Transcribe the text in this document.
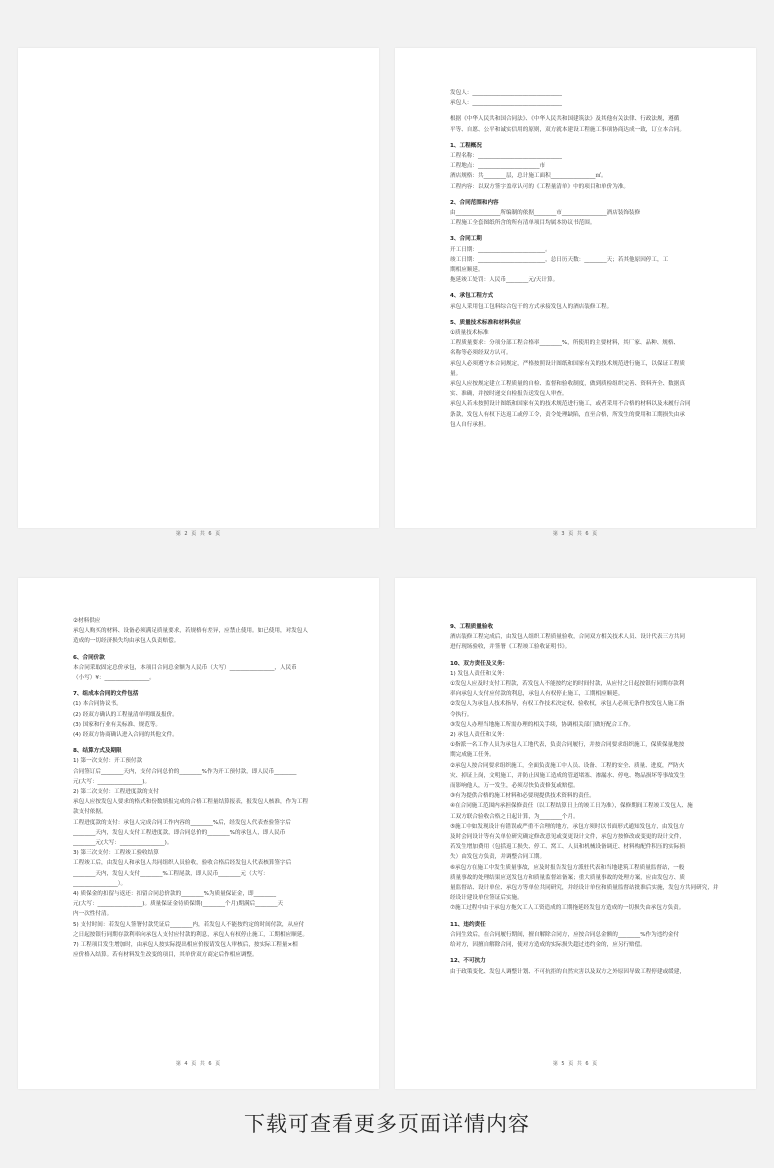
第 2 页 共 6 页

发包人：________________________________

承包人：________________________________

根据《中华人民共和国合同法》、《中华人民共和国建筑法》及其他有关法律、行政法规，遵循

平等、自愿、公平和诚实信用的原则，双方就本建设工程施工事项协商达成一致，订立本合同。

1、工程概况

工程名称：______________________________

工程地点：______________________市

酒店规格：共________层，总计施工面积________________㎡。

工程内容：以双方签字盖章认可的《工程量清单》中的项目和单价为准。

2、合同范围和内容

由________________所编制的依据________市________________酒店装饰装修

工程施工全套图纸所含的所有清单项目均属本协议书范围。

3、合同工期

开工日期：________________________。

竣工日期：________________________，总日历天数：________天；若其他原因停工，工

期相应顺延。

拖延竣工处罚：人民币________元/天计算。

4、承包工程方式

承包人采用包工包料综合包干的方式承接发包人的酒店装修工程。

5、质量技术标准和材料供应

①质量技术标准

工程质量要求：分项分部工程合格率________%，所使用的主要材料，其厂家、品种、规格、

名称等必须经双方认可。

承包人必须遵守本合同规定，严格按照设计图纸和国家有关的技术规范进行施工，以保证工程质

量。

承包人应按规定建立工程质量的自检、监督和验收制度，做到质检组织完善、资料齐全、数据真

实、准确，并按时递交自检报告送发包人审查。

承包人若未按照设计图纸和国家有关的技术规范进行施工，或者采用不合格的材料以及未履行合同

条款，发包人有权下达返工或停工令，责令处理缺陷，直至合格，所发生的费用和工期损失由承

包人自行承担。

第 3 页 共 6 页

②材料供应

承包人购买的材料、设备必须满足质量要求，若规格有差异，应禁止使用。如已使用，对发包人

造成的一切经济损失均由承包人负责赔偿。

6、合同价款

本合同采取固定总价承包，本项目合同总金额为人民币（大写）________________，人民币

（小写）¥：________________。

7、组成本合同的文件包括

(1) 本合同协议书。

(2) 经双方确认的工程量清单明细及报价。

(3) 国家和行业有关标准、规范等。

(4) 经双方协商确认进入合同的其他文件。

8、结算方式及期限

1) 第一次支付：开工预付款

合同签订后________天内，支付合同总价的________%作为开工预付款，即人民币________

元(大写：________________)。

2) 第二次支付：工程进度款的支付

承包人应按发包人要求的格式和份数填报完成的合格工程量结算报表，报发包人核准，作为工程

款支付依据。

工程进度款的支付：承包人完成合同工作内容的________%后，经发包人代表查验签字后

________天内，发包人支付工程进度款，即合同总价的________%的承包人，即人民币

________元(大写：________________)。

3) 第三次支付：工程竣工验收结算

工程竣工后，由发包人和承包人共同组织人员验收，验收合格后经发包人代表核算签字后

________天内，发包人支付________%工程尾款，即人民币________元（大写：

________________）。

4) 质保金的扣留与返还：扣留合同总价款的________%为质量保证金，即________

元(大写：________________)。质量保证金待质保期(________个月)期满后________天

内一次性付清。

5) 支付时间：若发包人签署付款凭证后________内，若发包人不能按约定的时间付款，从应付

之日起按银行同期存款利率向承包人支付应付款的利息，承包人有权停止施工，工期相应顺延。

7) 工程项目发生增加时，由承包人按实际提出相应价报请发包人审核后，按实际工程量×相

应价格入结算。若有材料发生改变的项目，其单价双方商定后作相应调整。

第 4 页 共 6 页

9、工程质量验收

酒店装修工程完成后，由发包人组织工程质量验收，合同双方相关技术人员、设计代表三方共同

进行现场验收，并签署《工程竣工验收证明书》。

10、双方责任及义务：

1) 发包人责任和义务：

①发包人应及时支付工程款，若发包人不能按约定的时间付款，从应付之日起按银行同期存款利

率向承包人支付应付款的利息，承包人有权停止施工，工期相应顺延。

②发包人为承包人技术指导，有权工作技术决定权、验收权，承包人必须无条件按发包人施工指

令执行。

③发包人办理当地施工所需办理的相关手续，协调相关部门做好配合工作。

2) 承包人责任和义务：

①指派一名工作人员为承包人工地代表，负责合同履行，并按合同要求组织施工，保质保量地按

期完成施工任务。

②承包人按合同要求组织施工，全面负责施工中人员、设备、工程的安全、质量、进度，严防火

灾、掉证上岗，文明施工，并防止因施工造成的管道堵塞、渗漏水、停电、物品损坏等事故发生

而影响他人，万一发生，必须尽快负责修复或赔偿。

③有为提供合格的施工材料和必要现提供技术资料的责任。

④在合同施工范围内承担保修责任（以工程结算日上的竣工日为准），保修期间工程竣工发包人、施

工双方联合验收合格之日起计算，为________个月。

⑤施工中如发现设计有错误或严重不合理的地方，承包方须时以书面形式通知发包方，由发包方

及时会同设计等有关单位研究确定修改意见或变更设计文件，承包方按修改或变更的设计文件，

若发生增加费用（包括返工损失、停工、窝工、人员和机械设备调迁、材料构配件积压的实际损

失）由发包方负责，并调整合同工期。

⑥承包方在施工中发生质量事故，应及时报告发包方派驻代表和当地建筑工程质量监督站，一般

质量事故的处理结果应送发包方和质量监督站备案；重大质量事故的处理方案，应由发包方、质

量监督站、设计单位、承包方等单位共同研究，并经设计单位和质量监督站批准后实施，发包方共同研究，并

经设计建设单位签证后实施。

⑦施工过程中由于承包方拖欠工人工资造成的工期拖延经发包方造成的一切损失由承包方负责。

11、违约责任

合同生效后，在合同履行期间，擅自解除合同方，应按合同总金额的________%作为违约金付

给对方，因擅自解除合同，使对方造成的实际损失超过违约金的，应另行赔偿。

12、不可抗力

由于政策变化、发包人调整计划、不可抗拒的自然灾害以及双方之外原因导致工程停建或缓建，

第 5 页 共 6 页
下载可查看更多页面详情内容
